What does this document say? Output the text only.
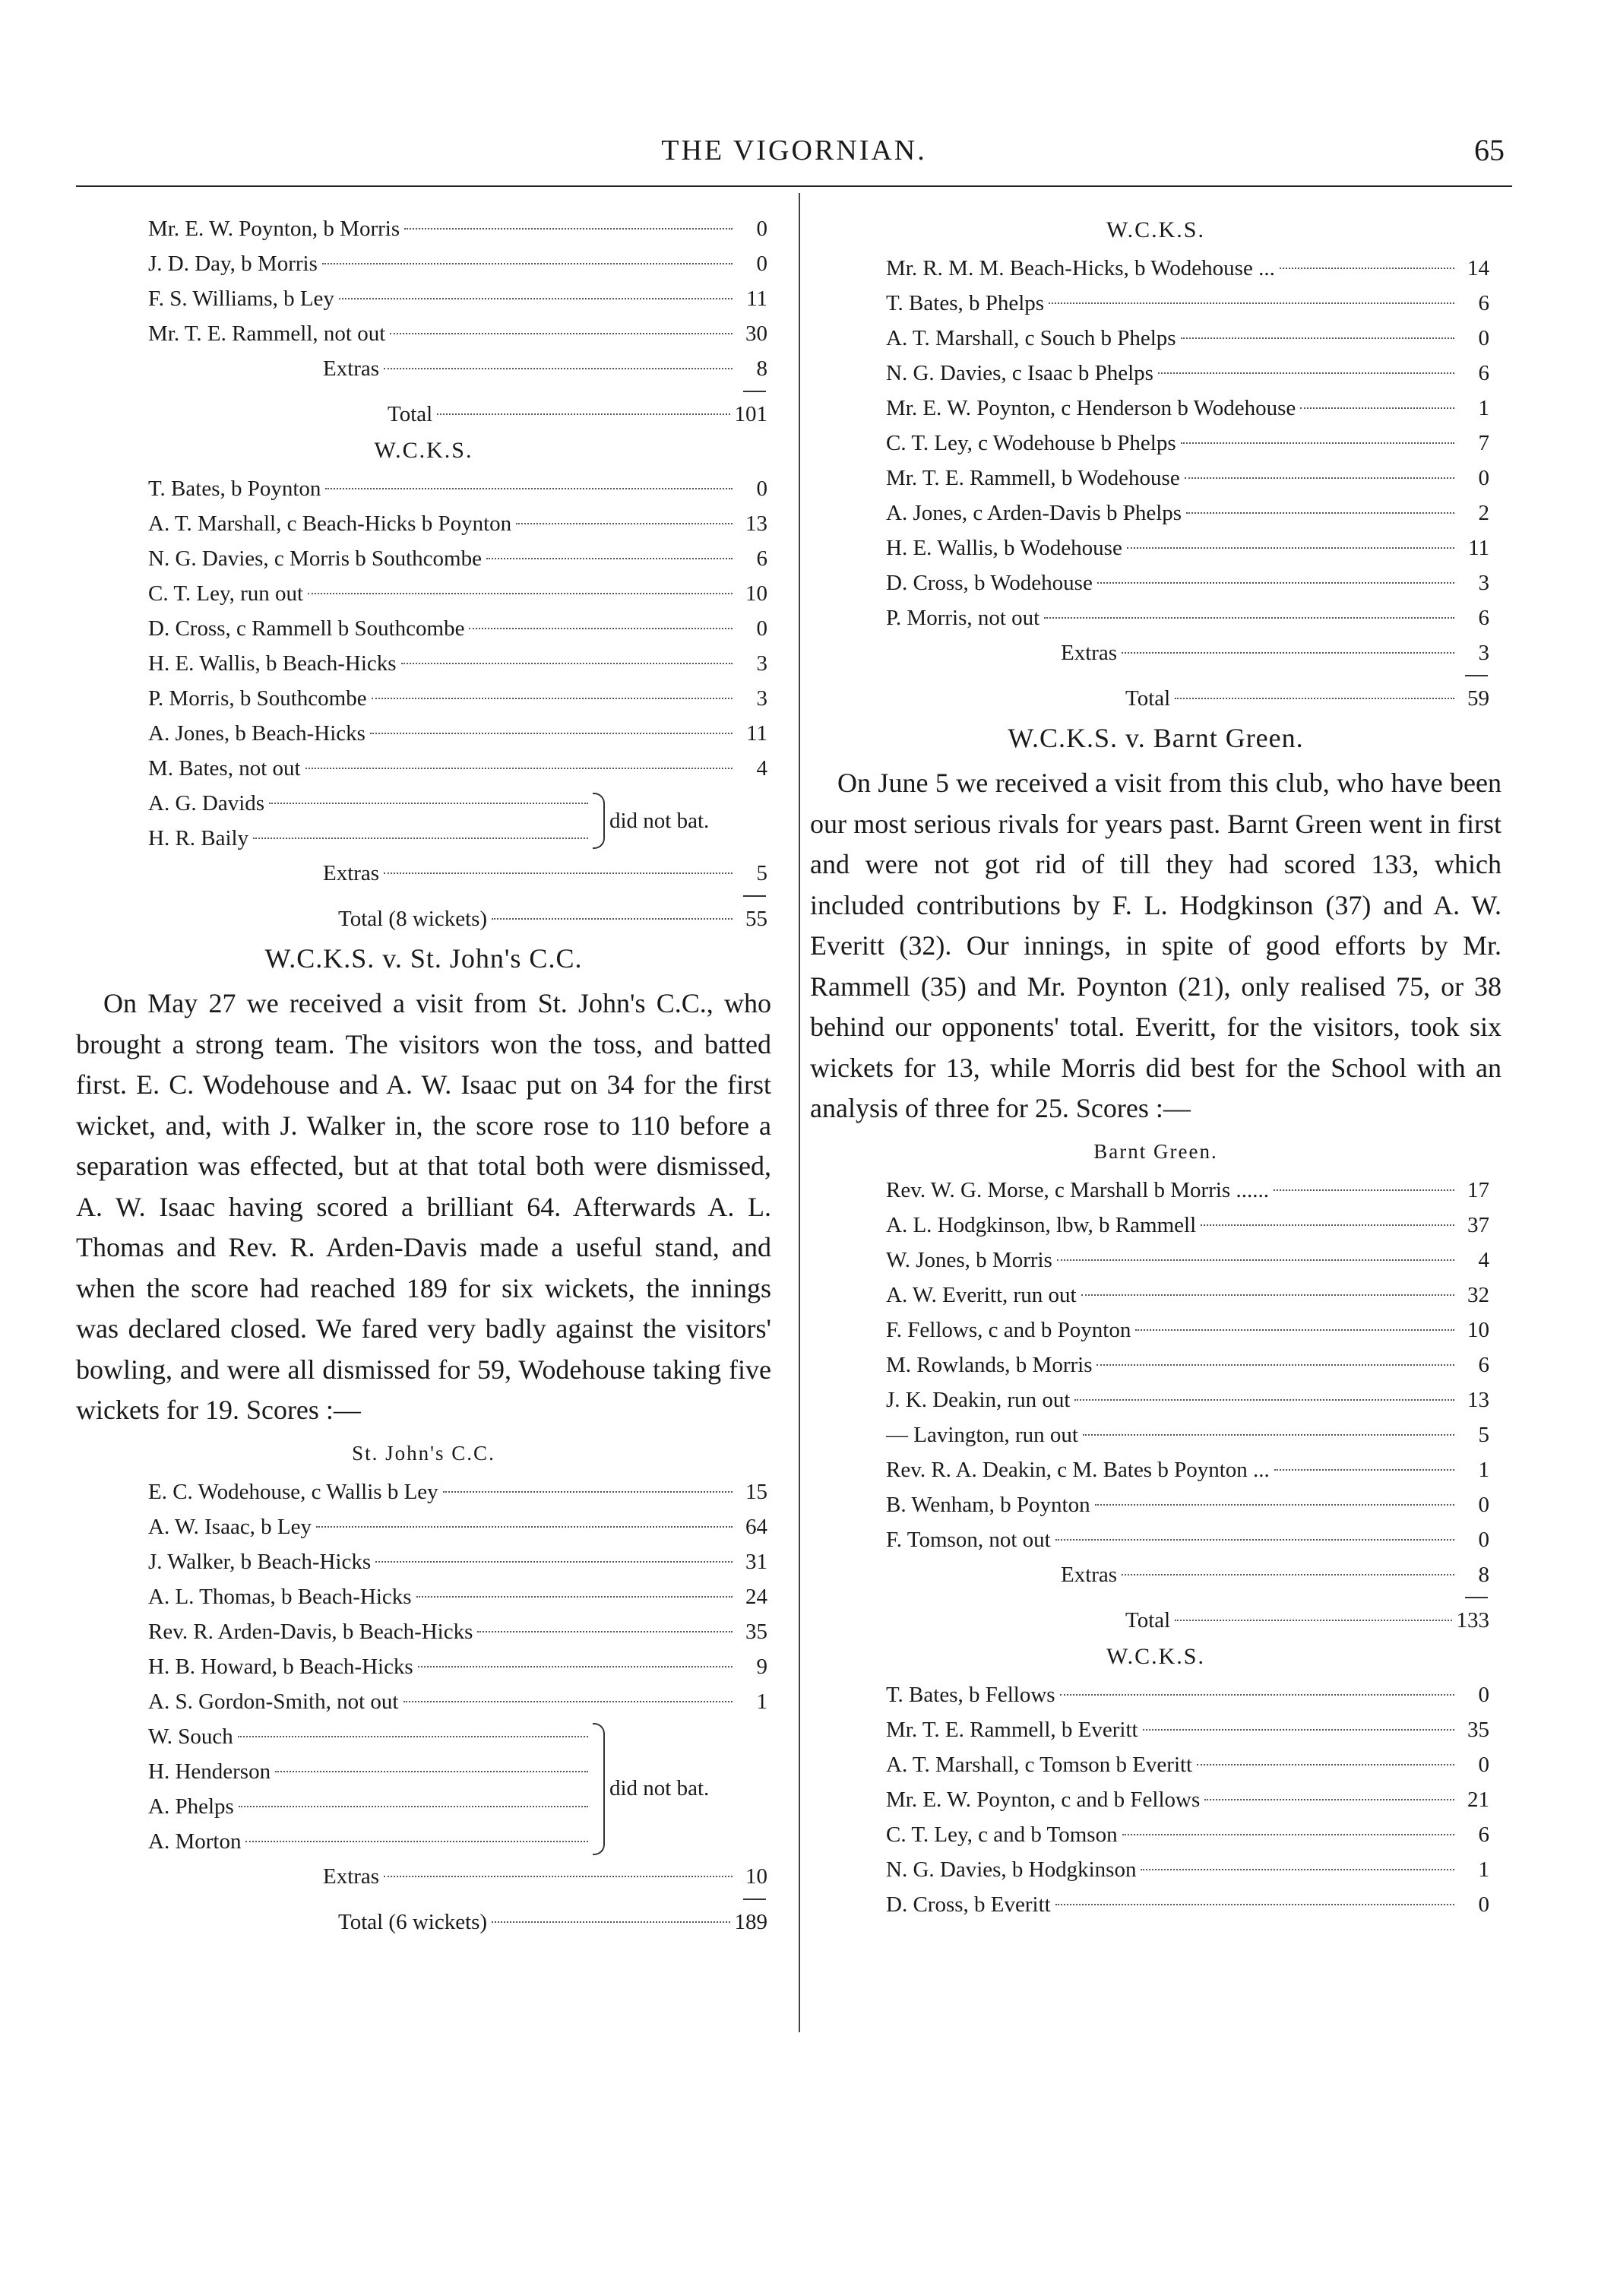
THE VIGORNIAN.	65
Mr. E. W. Poynton, b Morris	0
J. D. Day, b Morris	0
F. S. Williams, b Ley	11
Mr. T. E. Rammell, not out	30
Extras	8
Total	101
W.C.K.S.
T. Bates, b Poynton	0
A. T. Marshall, c Beach-Hicks b Poynton	13
N. G. Davies, c Morris b Southcombe	6
C. T. Ley, run out	10
D. Cross, c Rammell b Southcombe	0
H. E. Wallis, b Beach-Hicks	3
P. Morris, b Southcombe	3
A. Jones, b Beach-Hicks	11
M. Bates, not out	4
A. G. Davids
H. R. Baily
did not bat.
Extras	5
Total (8 wickets)	55
W.C.K.S. v. St. John's C.C.

On May 27 we received a visit from St. John's C.C., who brought a strong team. The visitors won the toss, and batted first. E. C. Wodehouse and A. W. Isaac put on 34 for the first wicket, and, with J. Walker in, the score rose to 110 before a separation was effected, but at that total both were dismissed, A. W. Isaac having scored a brilliant 64. Afterwards A. L. Thomas and Rev. R. Arden-Davis made a useful stand, and when the score had reached 189 for six wickets, the innings was declared closed. We fared very badly against the visitors' bowling, and were all dismissed for 59, Wodehouse taking five wickets for 19. Scores :—

St. John's C.C.
E. C. Wodehouse, c Wallis b Ley	15
A. W. Isaac, b Ley	64
J. Walker, b Beach-Hicks	31
A. L. Thomas, b Beach-Hicks	24
Rev. R. Arden-Davis, b Beach-Hicks	35
H. B. Howard, b Beach-Hicks	9
A. S. Gordon-Smith, not out	1
W. Souch
H. Henderson
A. Phelps
A. Morton
did not bat.
Extras	10
Total (6 wickets)	189
W.C.K.S.
Mr. R. M. M. Beach-Hicks, b Wodehouse ...	14
T. Bates, b Phelps	6
A. T. Marshall, c Souch b Phelps	0
N. G. Davies, c Isaac b Phelps	6
Mr. E. W. Poynton, c Henderson b Wodehouse	1
C. T. Ley, c Wodehouse b Phelps	7
Mr. T. E. Rammell, b Wodehouse	0
A. Jones, c Arden-Davis b Phelps	2
H. E. Wallis, b Wodehouse	11
D. Cross, b Wodehouse	3
P. Morris, not out	6
Extras	3
Total	59
W.C.K.S. v. Barnt Green.

On June 5 we received a visit from this club, who have been our most serious rivals for years past. Barnt Green went in first and were not got rid of till they had scored 133, which included contributions by F. L. Hodgkinson (37) and A. W. Everitt (32). Our innings, in spite of good efforts by Mr. Rammell (35) and Mr. Poynton (21), only realised 75, or 38 behind our opponents' total. Everitt, for the visitors, took six wickets for 13, while Morris did best for the School with an analysis of three for 25. Scores :—

Barnt Green.
Rev. W. G. Morse, c Marshall b Morris ......	17
A. L. Hodgkinson, lbw, b Rammell	37
W. Jones, b Morris	4
A. W. Everitt, run out	32
F. Fellows, c and b Poynton	10
M. Rowlands, b Morris	6
J. K. Deakin, run out	13
— Lavington, run out	5
Rev. R. A. Deakin, c M. Bates b Poynton ...	1
B. Wenham, b Poynton	0
F. Tomson, not out	0
Extras	8
Total	133
W.C.K.S.
T. Bates, b Fellows	0
Mr. T. E. Rammell, b Everitt	35
A. T. Marshall, c Tomson b Everitt	0
Mr. E. W. Poynton, c and b Fellows	21
C. T. Ley, c and b Tomson	6
N. G. Davies, b Hodgkinson	1
D. Cross, b Everitt	0
